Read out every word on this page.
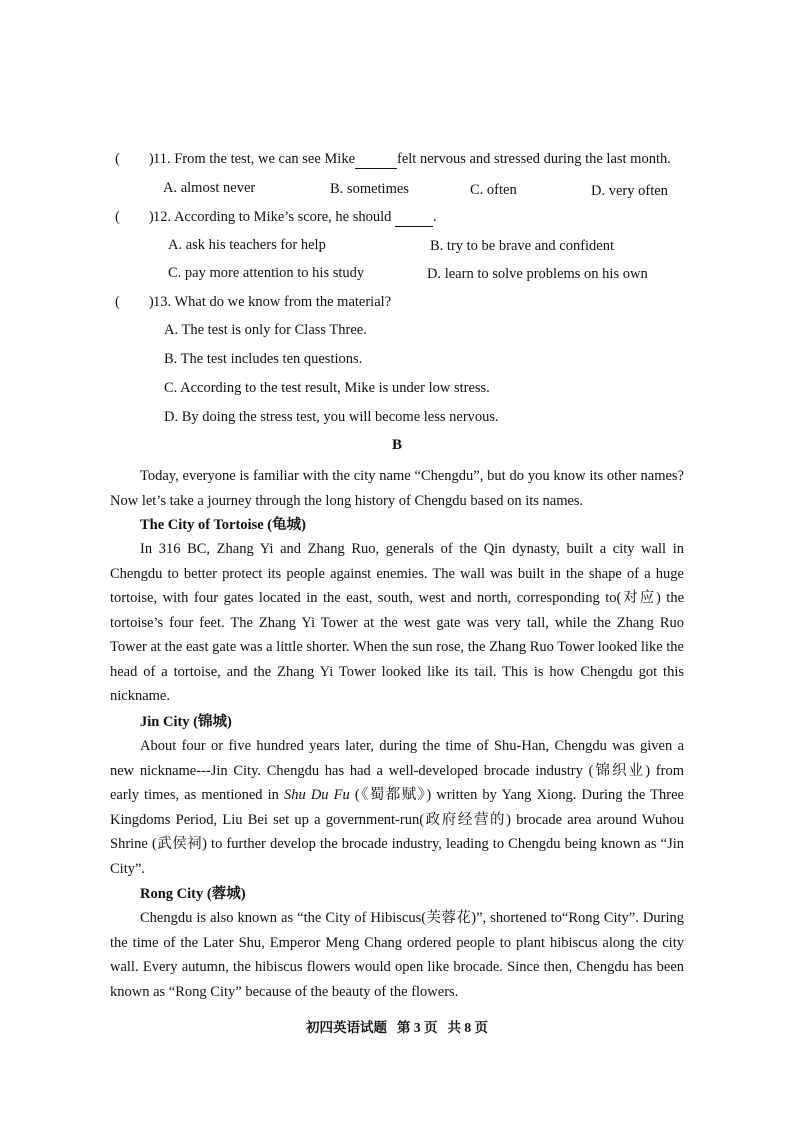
(　　)11. From the test, we can see Mike	felt nervous and stressed during the last month.
A. almost never	B. sometimes	C. often	D. very often
(　　)12. According to Mike’s score, he should	.
A. ask his teachers for help	B. try to be brave and confident
C. pay more attention to his study	D. learn to solve problems on his own
(　　)13. What do we know from the material?
A. The test is only for Class Three.
B. The test includes ten questions.
C. According to the test result, Mike is under low stress.
D. By doing the stress test, you will become less nervous.
B
Today, everyone is familiar with the city name “Chengdu”, but do you know its other names? Now let’s take a journey through the long history of Chengdu based on its names.
The City of Tortoise (龟城)
In 316 BC, Zhang Yi and Zhang Ruo, generals of the Qin dynasty, built a city wall in Chengdu to better protect its people against enemies. The wall was built in the shape of a huge tortoise, with four gates located in the east, south, west and north, corresponding to(对应) the tortoise’s four feet. The Zhang Yi Tower at the west gate was very tall, while the Zhang Ruo Tower at the east gate was a little shorter. When the sun rose, the Zhang Ruo Tower looked like the head of a tortoise, and the Zhang Yi Tower looked like its tail. This is how Chengdu got this nickname.
Jin City (锦城)
About four or five hundred years later, during the time of Shu-Han, Chengdu was given a new nickname---Jin City. Chengdu has had a well-developed brocade industry (锦织业) from early times, as mentioned in Shu Du Fu (《蜀都赋》) written by Yang Xiong. During the Three Kingdoms Period, Liu Bei set up a government-run(政府经营的) brocade area around Wuhou Shrine (武侯祠) to further develop the brocade industry, leading to Chengdu being known as “Jin City”.
Rong City (蓉城)
Chengdu is also known as “the City of Hibiscus(芙蓉花)”, shortened to“Rong City”. During the time of the Later Shu, Emperor Meng Chang ordered people to plant hibiscus along the city wall. Every autumn, the hibiscus flowers would open like brocade. Since then, Chengdu has been known as “Rong City” because of the beauty of the flowers.
初四英语试题 第 3 页 共 8 页
